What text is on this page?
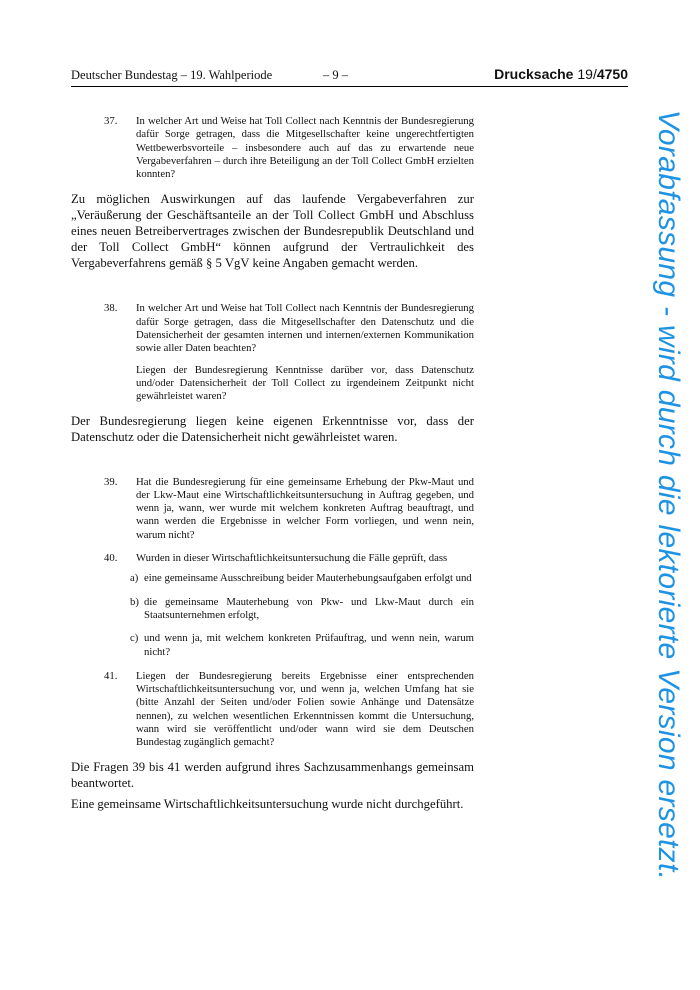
Deutscher Bundestag – 19. Wahlperiode	– 9 –	Drucksache 19/4750
37.	In welcher Art und Weise hat Toll Collect nach Kenntnis der Bundesregierung dafür Sorge getragen, dass die Mitgesellschafter keine ungerechtfertigten Wettbewerbsvorteile – insbesondere auch auf das zu erwartende neue Vergabeverfahren – durch ihre Beteiligung an der Toll Collect GmbH erzielten konnten?

Zu möglichen Auswirkungen auf das laufende Vergabeverfahren zur „Veräußerung der Geschäftsanteile an der Toll Collect GmbH und Abschluss eines neuen Betreibervertrages zwischen der Bundesrepublik Deutschland und der Toll Collect GmbH“ können aufgrund der Vertraulichkeit des Vergabeverfahrens gemäß § 5 VgV keine Angaben gemacht werden.

38.	In welcher Art und Weise hat Toll Collect nach Kenntnis der Bundesregierung dafür Sorge getragen, dass die Mitgesellschafter den Datenschutz und die Datensicherheit der gesamten internen und internen/externen Kommunikation sowie aller Daten beachten?
Liegen der Bundesregierung Kenntnisse darüber vor, dass Datenschutz und/oder Datensicherheit der Toll Collect zu irgendeinem Zeitpunkt nicht gewährleistet waren?

Der Bundesregierung liegen keine eigenen Erkenntnisse vor, dass der Datenschutz oder die Datensicherheit nicht gewährleistet waren.

39.	Hat die Bundesregierung für eine gemeinsame Erhebung der Pkw-Maut und der Lkw-Maut eine Wirtschaftlichkeitsuntersuchung in Auftrag gegeben, und wenn ja, wann, wer wurde mit welchem konkreten Auftrag beauftragt, und wann werden die Ergebnisse in welcher Form vorliegen, und wenn nein, warum nicht?
40.	Wurden in dieser Wirtschaftlichkeitsuntersuchung die Fälle geprüft, dass
a) eine gemeinsame Ausschreibung beider Mauterhebungsaufgaben erfolgt und
b) die gemeinsame Mauterhebung von Pkw- und Lkw-Maut durch ein Staatsunternehmen erfolgt,
c) und wenn ja, mit welchem konkreten Prüfauftrag, und wenn nein, warum nicht?
41.	Liegen der Bundesregierung bereits Ergebnisse einer entsprechenden Wirtschaftlichkeitsuntersuchung vor, und wenn ja, welchen Umfang hat sie (bitte Anzahl der Seiten und/oder Folien sowie Anhänge und Datensätze nennen), zu welchen wesentlichen Erkenntnissen kommt die Untersuchung, wann wird sie veröffentlicht und/oder wann wird sie dem Deutschen Bundestag zugänglich gemacht?

Die Fragen 39 bis 41 werden aufgrund ihres Sachzusammenhangs gemeinsam beantwortet.

Eine gemeinsame Wirtschaftlichkeitsuntersuchung wurde nicht durchgeführt.	Vorabfassung - wird durch die lektorierte Version ersetzt.
